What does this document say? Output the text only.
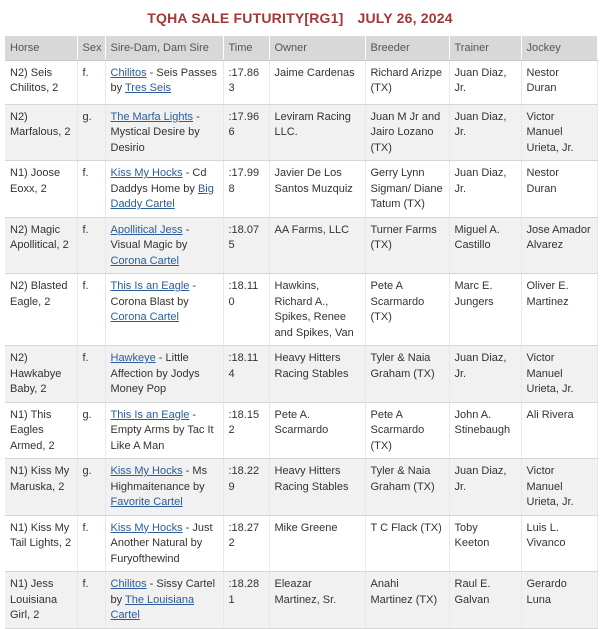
TQHA SALE FUTURITY[RG1] JULY 26, 2024
Horse	Sex	Sire-Dam, Dam Sire	Time	Owner	Breeder	Trainer	Jockey
N2) Seis Chilitos, 2	f.	Chilitos - Seis Passes by Tres Seis	:17.863	Jaime Cardenas	Richard Arizpe (TX)	Juan Diaz, Jr.	Nestor Duran
N2) Marfalous, 2	g.	The Marfa Lights - Mystical Desire by Desirio	:17.966	Leviram Racing LLC.	Juan M Jr and Jairo Lozano (TX)	Juan Diaz, Jr.	Victor Manuel Urieta, Jr.
N1) Joose Eoxx, 2	f.	Kiss My Hocks - Cd Daddys Home by Big Daddy Cartel	:17.998	Javier De Los Santos Muzquiz	Gerry Lynn Sigman/ Diane Tatum (TX)	Juan Diaz, Jr.	Nestor Duran
N2) Magic Apollitical, 2	f.	Apollitical Jess - Visual Magic by Corona Cartel	:18.075	AA Farms, LLC	Turner Farms (TX)	Miguel A. Castillo	Jose Amador Alvarez
N2) Blasted Eagle, 2	f.	This Is an Eagle - Corona Blast by Corona Cartel	:18.110	Hawkins, Richard A., Spikes, Renee and Spikes, Van	Pete A Scarmardo (TX)	Marc E. Jungers	Oliver E. Martinez
N2) Hawkabye Baby, 2	f.	Hawkeye - Little Affection by Jodys Money Pop	:18.114	Heavy Hitters Racing Stables	Tyler & Naia Graham (TX)	Juan Diaz, Jr.	Victor Manuel Urieta, Jr.
N1) This Eagles Armed, 2	g.	This Is an Eagle - Empty Arms by Tac It Like A Man	:18.152	Pete A. Scarmardo	Pete A Scarmardo (TX)	John A. Stinebaugh	Ali Rivera
N1) Kiss My Maruska, 2	g.	Kiss My Hocks - Ms Highmaitenance by Favorite Cartel	:18.229	Heavy Hitters Racing Stables	Tyler & Naia Graham (TX)	Juan Diaz, Jr.	Victor Manuel Urieta, Jr.
N1) Kiss My Tail Lights, 2	f.	Kiss My Hocks - Just Another Natural by Furyofthewind	:18.272	Mike Greene	T C Flack (TX)	Toby Keeton	Luis L. Vivanco
N1) Jess Louisiana Girl, 2	f.	Chilitos - Sissy Cartel by The Louisiana Cartel	:18.281	Eleazar Martinez, Sr.	Anahi Martinez (TX)	Raul E. Galvan	Gerardo Luna
